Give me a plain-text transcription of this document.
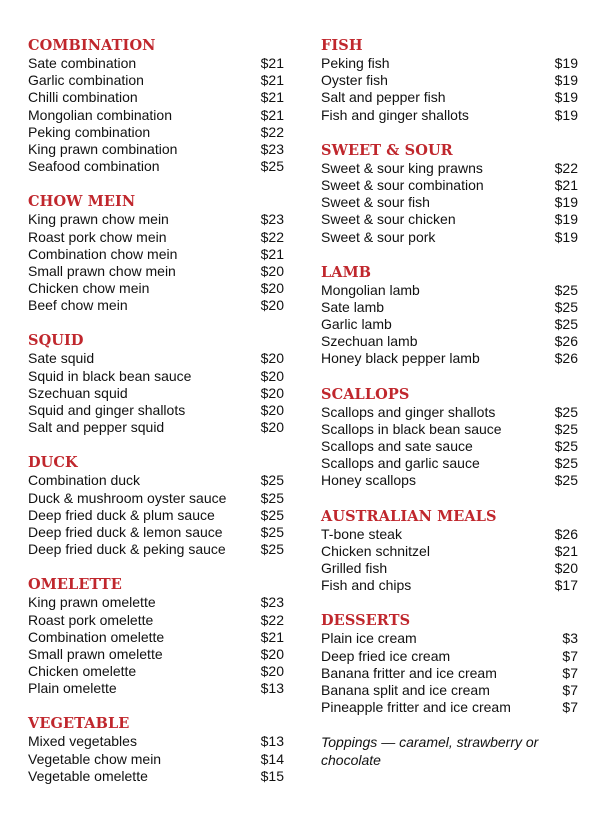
COMBINATION
Sate combination	$21
Garlic combination	$21
Chilli combination	$21
Mongolian combination	$21
Peking combination	$22
King prawn combination	$23
Seafood combination	$25
CHOW MEIN
King prawn chow mein	$23
Roast pork chow mein	$22
Combination chow mein	$21
Small prawn chow mein	$20
Chicken chow mein	$20
Beef chow mein	$20
SQUID
Sate squid	$20
Squid in black bean sauce	$20
Szechuan squid	$20
Squid and ginger shallots	$20
Salt and pepper squid	$20
DUCK
Combination duck	$25
Duck & mushroom oyster sauce $25
Deep fried duck & plum sauce	$25
Deep fried duck & lemon sauce	$25
Deep fried duck & peking sauce $25
OMELETTE
King prawn omelette	$23
Roast pork omelette	$22
Combination omelette	$21
Small prawn omelette	$20
Chicken omelette	$20
Plain omelette	$13
VEGETABLE
Mixed vegetables	$13
Vegetable chow mein	$14
Vegetable omelette	$15
FISH
Peking fish	$19
Oyster fish	$19
Salt and pepper fish	$19
Fish and ginger shallots	$19
SWEET & SOUR
Sweet & sour king prawns	$22
Sweet & sour combination	$21
Sweet & sour fish	$19
Sweet & sour chicken	$19
Sweet & sour pork	$19
LAMB
Mongolian lamb	$25
Sate lamb	$25
Garlic lamb	$25
Szechuan lamb	$26
Honey black pepper lamb	$26
SCALLOPS
Scallops and ginger shallots	$25
Scallops in black bean sauce	$25
Scallops and sate sauce	$25
Scallops and garlic sauce	$25
Honey scallops	$25
AUSTRALIAN MEALS
T-bone steak	$26
Chicken schnitzel	$21
Grilled fish	$20
Fish and chips	$17
DESSERTS
Plain ice cream	$3
Deep fried ice cream	$7
Banana fritter and ice cream	$7
Banana split and ice cream	$7
Pineapple fritter and ice cream	$7
Toppings — caramel, strawberry or chocolate
